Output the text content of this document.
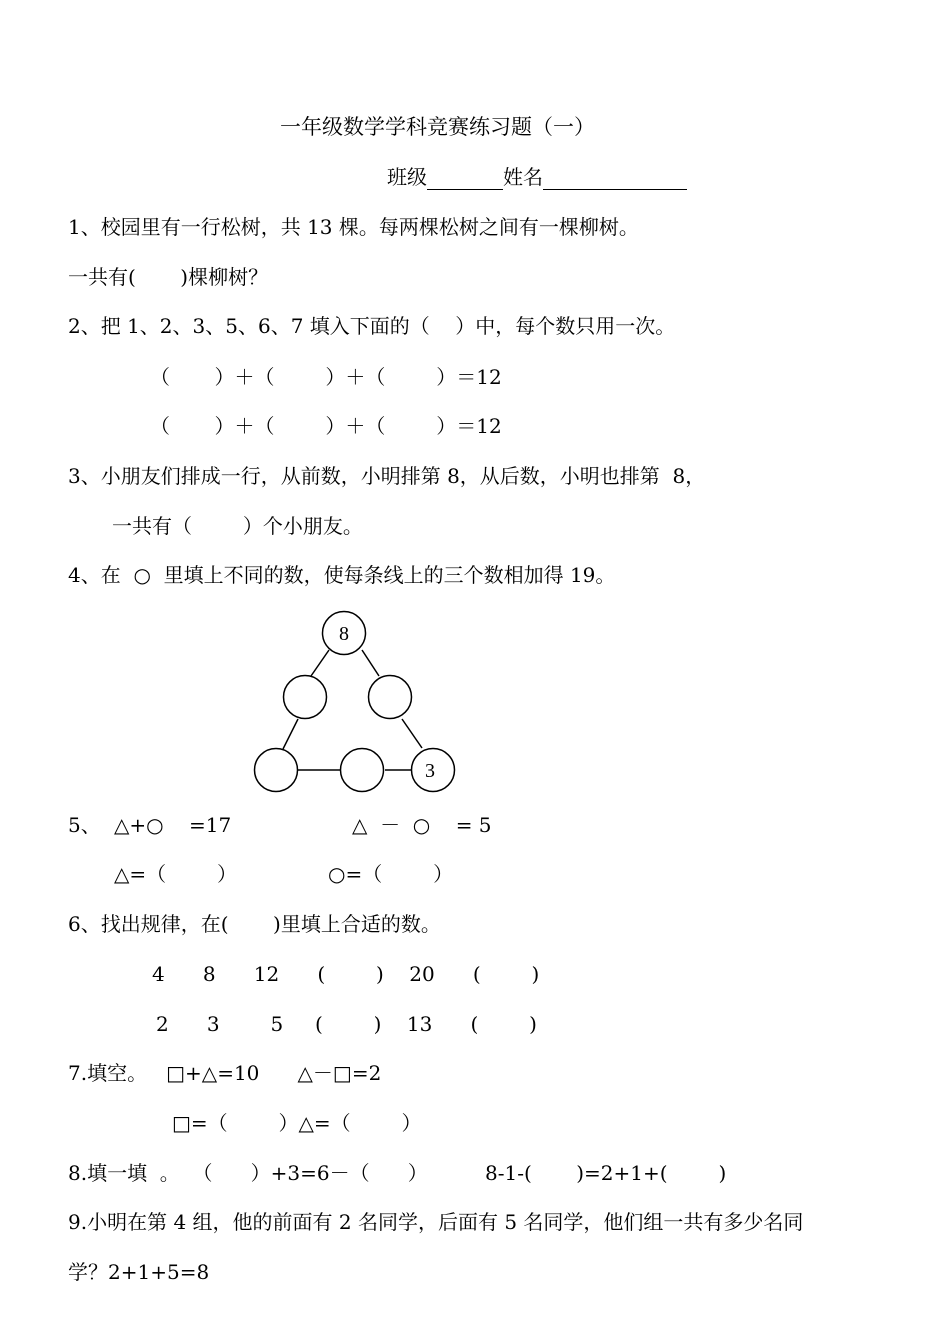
一年级数学学科竞赛练习题（一）
班级	姓名
1、校园里有一行松树，共 13 棵。每两棵松树之间有一棵柳树。
一共有(       )棵柳树？
2、把 1、2、3、5、6、7 填入下面的（    ）中，每个数只用一次。
（       ）＋（        ）＋（        ）＝12
（       ）＋（        ）＋（        ）＝12
3、小朋友们排成一行，从前数，小明排第 8，从后数，小明也排第  8，
一共有（        ）个小朋友。
4、在  ○  里填上不同的数，使每条线上的三个数相加得 19。
8
3
5、 △+○    =17	△  －  ○    = 5
△=（        ）	○=（        ）
6、找出规律，在(       )里填上合适的数。
4      8      12      (        )    20      (        )
2      3        5     (        )    13      (        )
7.填空。   □+△=10      △－□=2
□=（        ）△=（        ）
8.填一填  。  （      ）+3=6－（      ）         8-1-(       )=2+1+(        )
9.小明在第 4 组，他的前面有 2 名同学，后面有 5 名同学，他们组一共有多少名同
学？2+1+5=8
